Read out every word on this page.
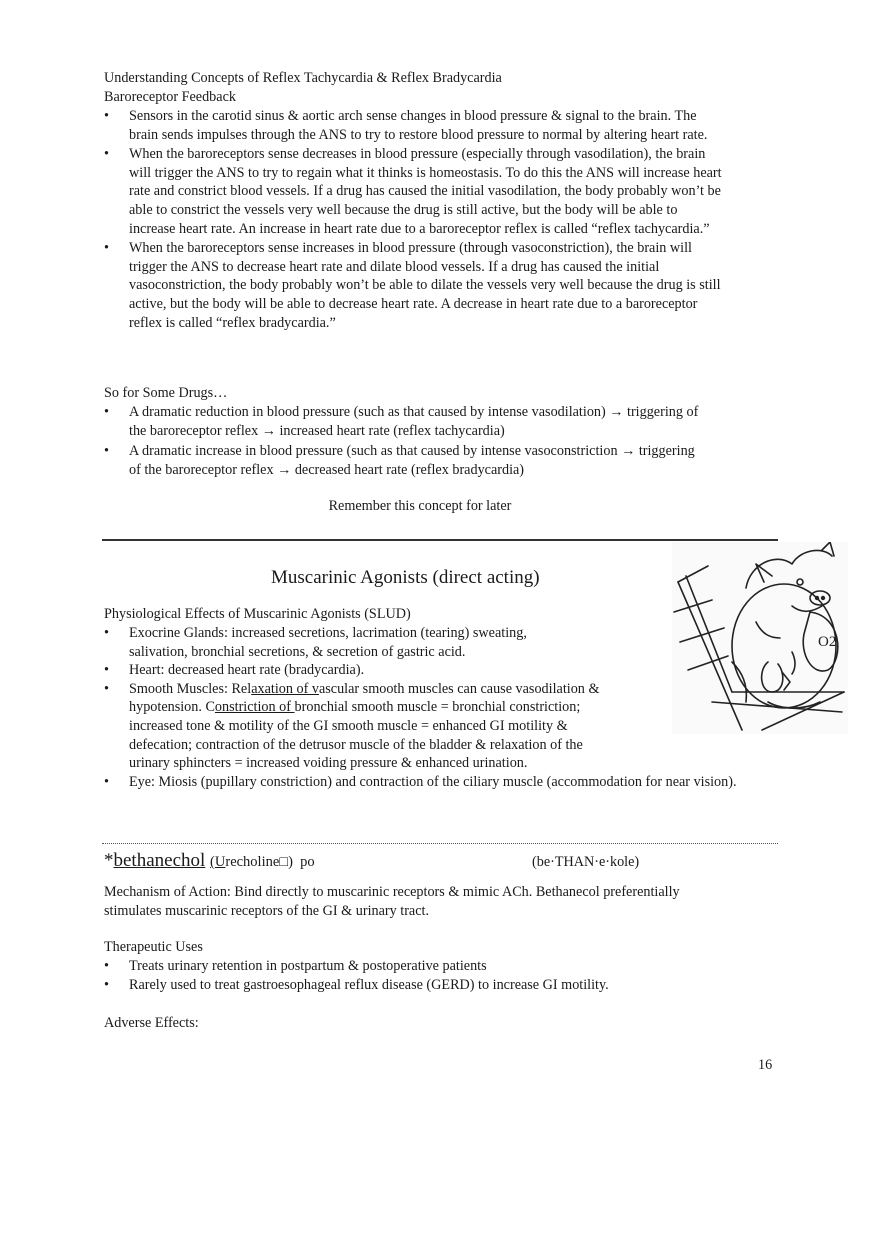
Understanding Concepts of Reflex Tachycardia & Reflex Bradycardia
Baroreceptor Feedback
• Sensors in the carotid sinus & aortic arch sense changes in blood pressure & signal to the brain. The brain sends impulses through the ANS to try to restore blood pressure to normal by altering heart rate.
• When the baroreceptors sense decreases in blood pressure (especially through vasodilation), the brain will trigger the ANS to try to regain what it thinks is homeostasis. To do this the ANS will increase heart rate and constrict blood vessels. If a drug has caused the initial vasodilation, the body probably won’t be able to constrict the vessels very well because the drug is still active, but the body will be able to increase heart rate. An increase in heart rate due to a baroreceptor reflex is called “reflex tachycardia.”
• When the baroreceptors sense increases in blood pressure (through vasoconstriction), the brain will trigger the ANS to decrease heart rate and dilate blood vessels. If a drug has caused the initial vasoconstriction, the body probably won’t be able to dilate the vessels very well because the drug is still active, but the body will be able to decrease heart rate. A decrease in heart rate due to a baroreceptor reflex is called “reflex bradycardia.”
So for Some Drugs…
• A dramatic reduction in blood pressure (such as that caused by intense vasodilation) → triggering of the baroreceptor reflex → increased heart rate (reflex tachycardia)
• A dramatic increase in blood pressure (such as that caused by intense vasoconstriction → triggering of the baroreceptor reflex → decreased heart rate (reflex bradycardia)
Remember this concept for later
Muscarinic Agonists (direct acting)
Physiological Effects of Muscarinic Agonists (SLUD)
• Exocrine Glands: increased secretions, lacrimation (tearing) sweating, salivation, bronchial secretions, & secretion of gastric acid.
• Heart: decreased heart rate (bradycardia).
• Smooth Muscles: Relaxation of vascular smooth muscles can cause vasodilation & hypotension. Constriction of bronchial smooth muscle = bronchial constriction; increased tone & motility of the GI smooth muscle = enhanced GI motility & defecation; contraction of the detrusor muscle of the bladder & relaxation of the urinary sphincters = increased voiding pressure & enhanced urination.
• Eye: Miosis (pupillary constriction) and contraction of the ciliary muscle (accommodation for near vision).
O2
*bethanechol (Urecholine□) po	(be·THAN·e·kole)
Mechanism of Action: Bind directly to muscarinic receptors & mimic ACh. Bethanecol preferentially stimulates muscarinic receptors of the GI & urinary tract.
Therapeutic Uses
• Treats urinary retention in postpartum & postoperative patients
• Rarely used to treat gastroesophageal reflux disease (GERD) to increase GI motility.
Adverse Effects:
16
